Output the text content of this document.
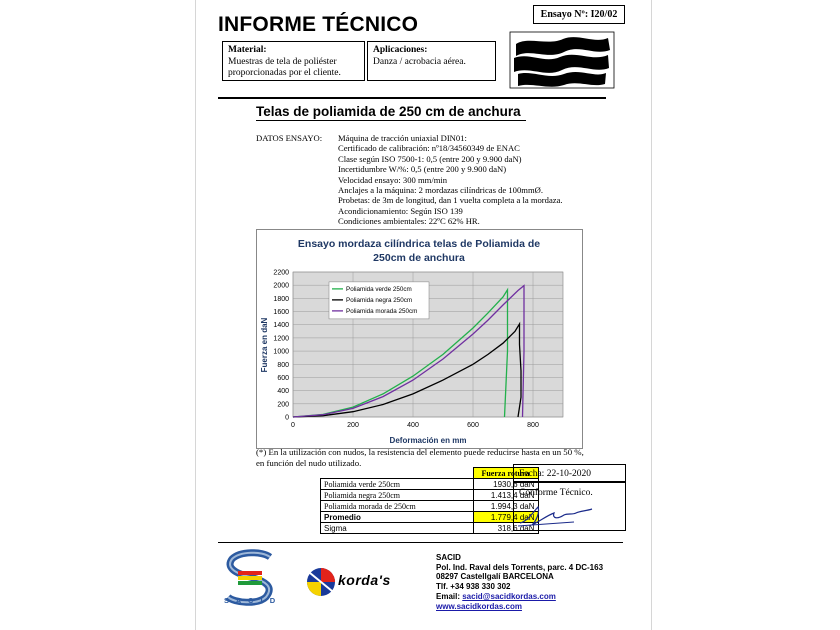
INFORME TÉCNICO	Ensayo Nº: I20/02
Material:
Muestras de tela de poliéster proporcionadas por el cliente.
Aplicaciones:
Danza / acrobacia aérea.
Telas de poliamida de 250 cm de anchura
DATOS ENSAYO: Máquina de tracción uniaxial DIN01:
Certificado de calibración: nº18/34560349 de ENAC
Clase según ISO 7500-1: 0,5 (entre 200 y 9.900 daN)
Incertidumbre W/%: 0,5 (entre 200 y 9.900 daN)
Velocidad ensayo: 300 mm/min
Anclajes a la máquina: 2 mordazas cilíndricas de 100mmØ.
Probetas: de 3m de longitud, dan 1 vuelta completa a la mordaza.
Acondicionamiento: Según ISO 139
Condiciones ambientales: 22ºC 62% HR.
Ensayo mordaza cilíndrica telas de Poliamida de
250cm de anchura
0
200
400
600
800
1000
1200
1400
1600
1800
2000
2200
0	200	400	600	800
Poliamida verde 250cm
Poliamida negra 250cm
Poliamida morada 250cm
Deformación en mm
Fuerza en daN
(*) En la utilización con nudos, la resistencia del elemento puede reducirse hasta en un 50 %, en función del nudo utilizado.
	Fuerza rotura
Poliamida verde 250cm	1930,6 daN
Poliamida negra 250cm	1.413,4 daN
Poliamida morada de 250cm	1.994,3 daN
Promedio	1.779,4 daN
Sigma	318,6 daN
Fecha: 22-10-2020
Conforme Técnico.
S A C I D
korda's
SACID
Pol. Ind. Raval dels Torrents, parc. 4 DC-163
08297 Castellgalí BARCELONA
Tlf. +34 938 330 302
Email: sacid@sacidkordas.com
www.sacidkordas.com
